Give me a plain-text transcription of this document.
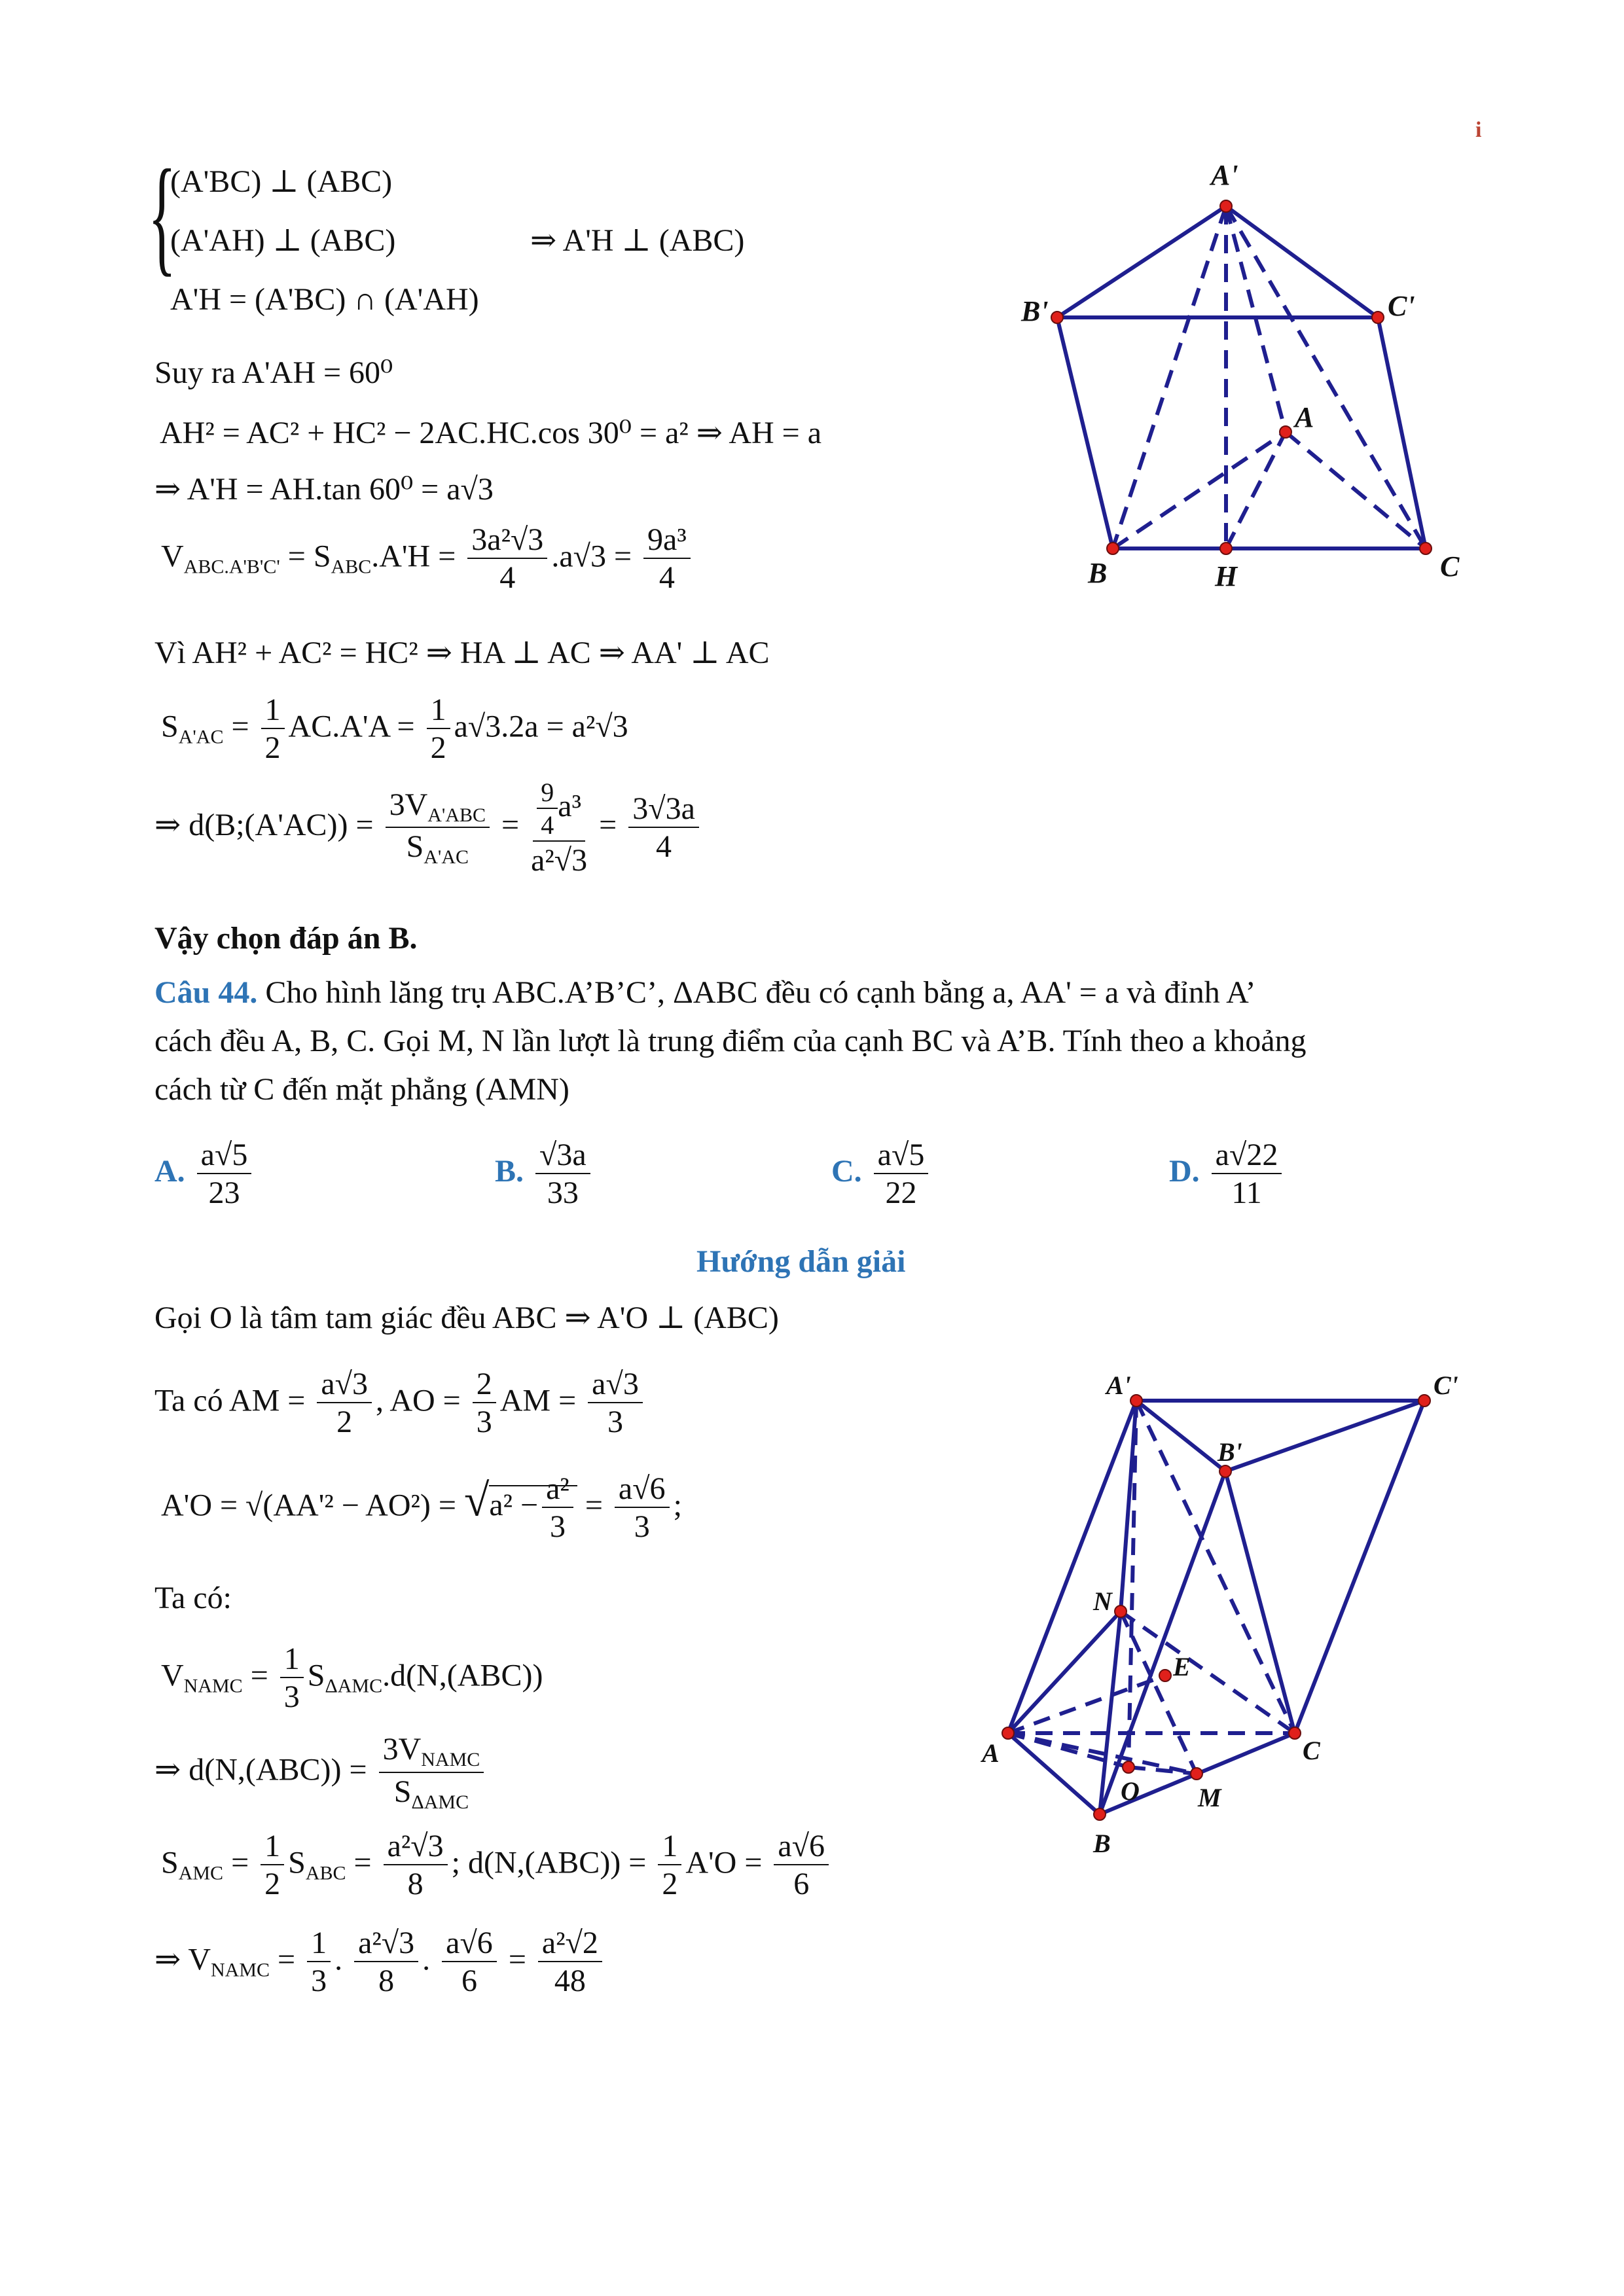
i
{
(A'BC) ⊥ (ABC)
(A'AH) ⊥ (ABC)
A'H = (A'BC) ∩ (A'AH)
⇒ A'H ⊥ (ABC)
Suy ra A'AH = 60⁰
AH² = AC² + HC² − 2AC.HC.cos 30⁰ = a² ⇒ AH = a
⇒ A'H = AH.tan 60⁰ = a√3
$V_{ABC.A'B'C'} = S_{ABC}.A'H = \frac{\text{3a²√3}}{4} .a√3 = \frac{\text{9a³}}{4}$
Vì AH² + AC² = HC² ⇒ HA ⊥ AC ⇒ AA' ⊥ AC
$S_{A'AC} = \frac{1}{2} AC.A'A = \frac{1}{2} a√3.2a = a^2√3$
⇒ d(B;(A'AC)) = $\frac{3V_{A'ABC}}{S_{A'AC}} = \frac{\frac{9}{4} a^3}{\text{a²√3}} = \frac{3√3a}{4}$
Vậy chọn đáp án B.
A'
B'	C'
A
B	H	C
Câu 44. Cho hình lăng trụ ABC.A’B’C’, ΔABC đều có cạnh bằng a, AA' = a và đỉnh A’
cách đều A, B, C. Gọi M, N lần lượt là trung điểm của cạnh BC và A’B. Tính theo a khoảng
cách từ C đến mặt phẳng (AMN)
A. $\frac{a√5}{23}$	B. $\frac{√3a}{33}$	C. $\frac{a√5}{22}$	D. $\frac{a√22}{11}$
Hướng dẫn giải
Gọi O là tâm tam giác đều ABC ⇒ A'O ⊥ (ABC)
Ta có AM = $\frac{a√3}{2}$ , AO = $\frac{2}{3}$ AM = $\frac{a√3}{3}$
$A'O = √(AA'^2 - AO^2) = √a^2 - \frac{\text{a²}}{3} = \frac{a√6}{3}$ ;
Ta có:
$V_{NAMC} = \frac{1}{3} S_{\Delta AMC}.d(N,(ABC))$
⇒ $d(N,(ABC)) = \frac{3V_{NAMC}}{S_{\Delta AMC}}$
$S_{AMC} = \frac{1}{2} S_{ABC} = \frac{\text{a²√3}}{8}$ ; $d(N,(ABC)) = \frac{1}{2} A'O = \frac{a√6}{6}$
⇒ $V_{NAMC} = \frac{1}{3}$ . $\frac{\text{a²√3}}{8}$ . $\frac{a√6}{6} = \frac{\text{a²√2}}{48}$
A'	C'
B'
N
E
A	C
O M
B
